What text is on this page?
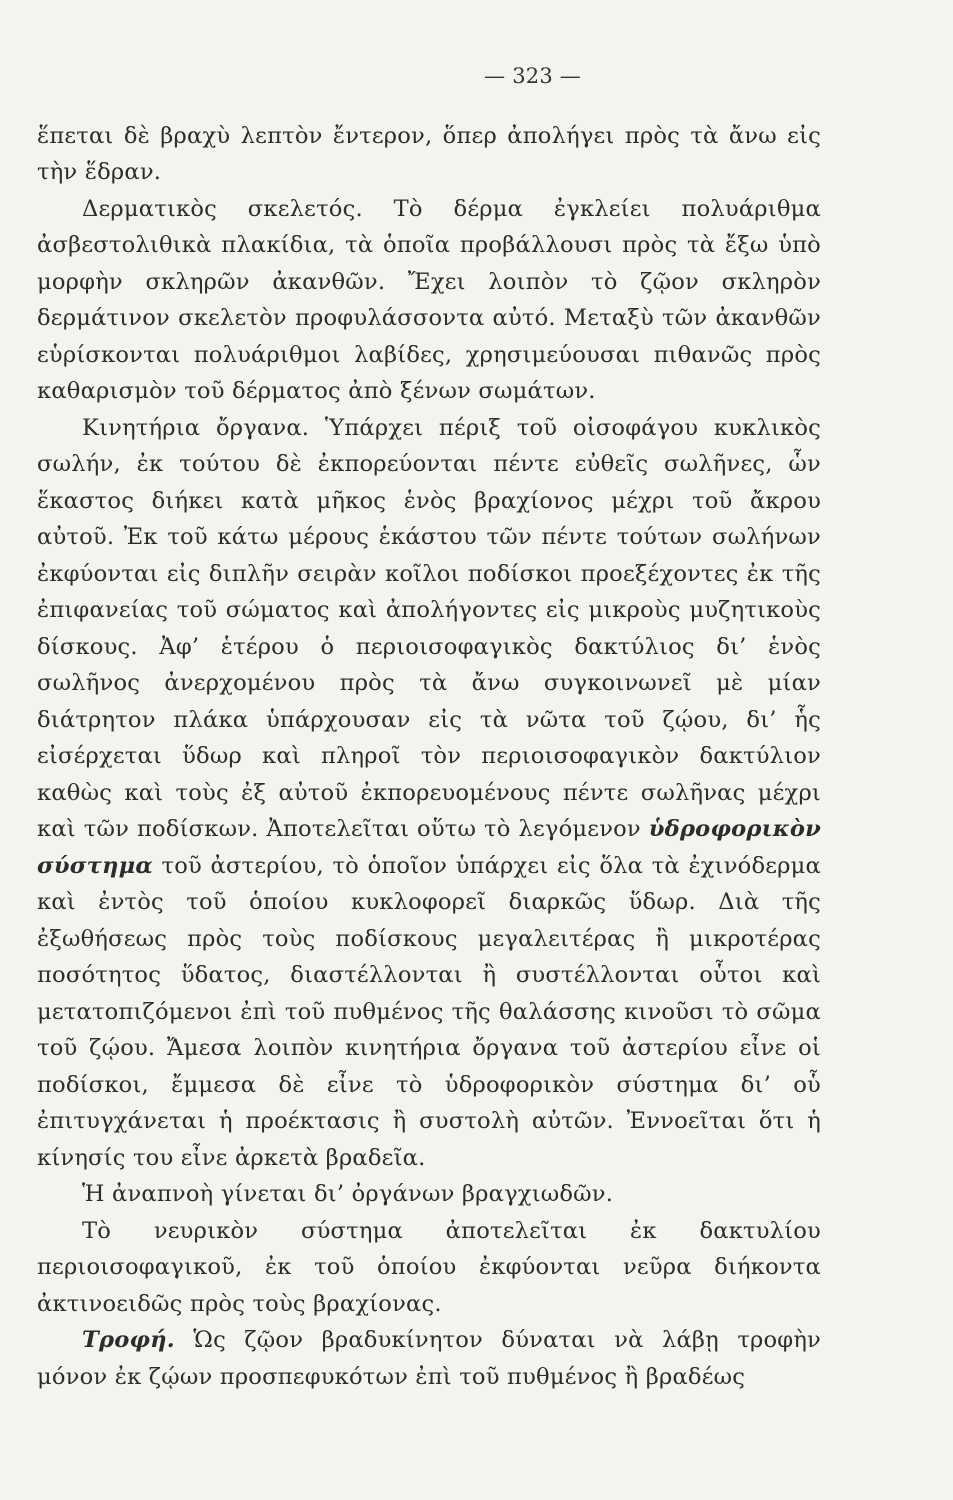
— 323 —

ἕπεται δὲ βραχὺ λεπτὸν ἔντερον, ὅπερ ἀπολήγει πρὸς τὰ ἄνω εἰς τὴν ἕδραν.

Δερματικὸς σκελετός. Τὸ δέρμα ἐγκλείει πολυάριθμα ἀσβεστολιθικὰ πλακίδια, τὰ ὁποῖα προβάλλουσι πρὸς τὰ ἔξω ὑπὸ μορφὴν σκληρῶν ἀκανθῶν. Ἔχει λοιπὸν τὸ ζῷον σκληρὸν δερμάτινον σκελετὸν προφυλάσσοντα αὐτό. Μεταξὺ τῶν ἀκανθῶν εὑρίσκονται πολυάριθμοι λαβίδες, χρησιμεύουσαι πιθανῶς πρὸς καθαρισμὸν τοῦ δέρματος ἀπὸ ξένων σωμάτων.

Κινητήρια ὄργανα. Ὑπάρχει πέριξ τοῦ οἰσοφάγου κυκλικὸς σωλήν, ἐκ τούτου δὲ ἐκπορεύονται πέντε εὐθεῖς σωλῆνες, ὧν ἕκαστος διήκει κατὰ μῆκος ἑνὸς βραχίονος μέχρι τοῦ ἄκρου αὐτοῦ. Ἐκ τοῦ κάτω μέρους ἑκάστου τῶν πέντε τούτων σωλήνων ἐκφύονται εἰς διπλῆν σειρὰν κοῖλοι ποδίσκοι προεξέχοντες ἐκ τῆς ἐπιφανείας τοῦ σώματος καὶ ἀπολήγοντες εἰς μικροὺς μυζητικοὺς δίσκους. Ἀφ’ ἑτέρου ὁ περιοισοφαγικὸς δακτύλιος δι’ ἑνὸς σωλῆνος ἀνερχομένου πρὸς τὰ ἄνω συγκοινωνεῖ μὲ μίαν διάτρητον πλάκα ὑπάρχουσαν εἰς τὰ νῶτα τοῦ ζῴου, δι’ ἧς εἰσέρχεται ὕδωρ καὶ πληροῖ τὸν περιοισοφαγικὸν δακτύλιον καθὼς καὶ τοὺς ἐξ αὐτοῦ ἐκπορευομένους πέντε σωλῆνας μέχρι καὶ τῶν ποδίσκων. Ἀποτελεῖται οὕτω τὸ λεγόμενον ὑδροφορικὸν σύστημα τοῦ ἀστερίου, τὸ ὁποῖον ὑπάρχει εἰς ὅλα τὰ ἐχινόδερμα καὶ ἐντὸς τοῦ ὁποίου κυκλοφορεῖ διαρκῶς ὕδωρ. Διὰ τῆς ἐξωθήσεως πρὸς τοὺς ποδίσκους μεγαλειτέρας ἢ μικροτέρας ποσότητος ὕδατος, διαστέλλονται ἢ συστέλλονται οὗτοι καὶ μετατοπιζόμενοι ἐπὶ τοῦ πυθμένος τῆς θαλάσσης κινοῦσι τὸ σῶμα τοῦ ζῴου. Ἄμεσα λοιπὸν κινητήρια ὄργανα τοῦ ἀστερίου εἶνε οἱ ποδίσκοι, ἔμμεσα δὲ εἶνε τὸ ὑδροφορικὸν σύστημα δι’ οὗ ἐπιτυγχάνεται ἡ προέκτασις ἢ συστολὴ αὐτῶν. Ἐννοεῖται ὅτι ἡ κίνησίς του εἶνε ἀρκετὰ βραδεῖα.

Ἡ ἀναπνοὴ γίνεται δι’ ὀργάνων βραγχιωδῶν.

Τὸ νευρικὸν σύστημα ἀποτελεῖται ἐκ δακτυλίου περιοισοφαγικοῦ, ἐκ τοῦ ὁποίου ἐκφύονται νεῦρα διήκοντα ἀκτινοειδῶς πρὸς τοὺς βραχίονας.

Τροφή. Ὡς ζῷον βραδυκίνητον δύναται νὰ λάβῃ τροφὴν μόνον ἐκ ζῴων προσπεφυκότων ἐπὶ τοῦ πυθμένος ἢ βραδέως
